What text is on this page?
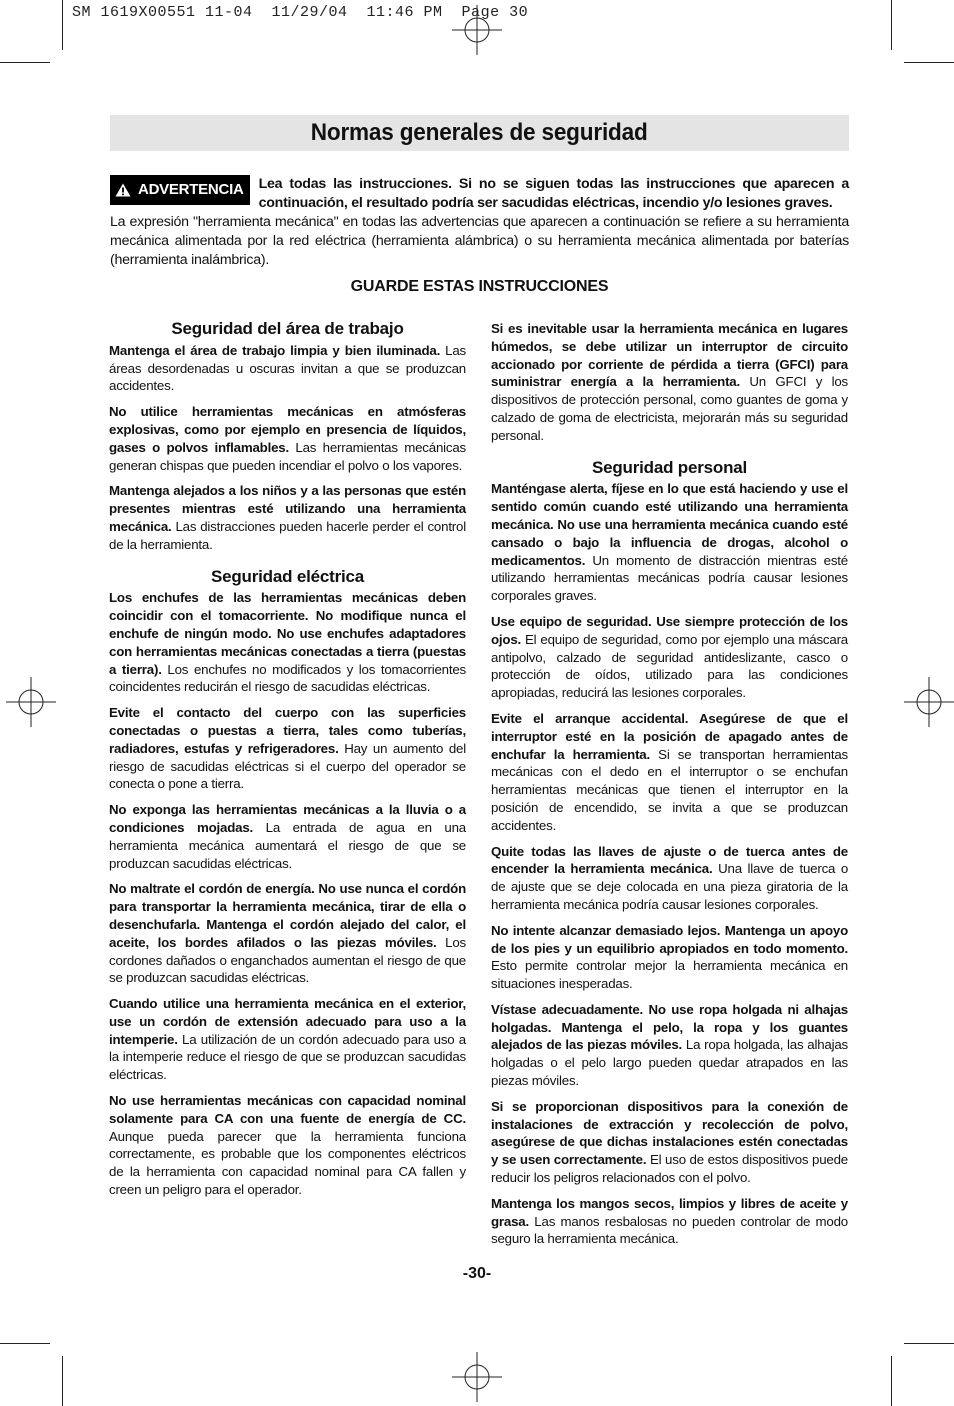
SM 1619X00551 11-04  11/29/04  11:46 PM  Page 30
Normas generales de seguridad
ADVERTENCIA	Lea todas las instrucciones. Si no se siguen todas las instrucciones que aparecen a continuación, el resultado podría ser sacudidas eléctricas, incendio y/o lesiones graves.

La expresión "herramienta mecánica" en todas las advertencias que aparecen a continuación se refiere a su herramienta mecánica alimentada por la red eléctrica (herramienta alámbrica) o su herramienta mecánica alimentada por baterías (herramienta inalámbrica).

GUARDE ESTAS INSTRUCCIONES
Seguridad del área de trabajo

Mantenga el área de trabajo limpia y bien iluminada. Las áreas desordenadas u oscuras invitan a que se produzcan accidentes.

No utilice herramientas mecánicas en atmósferas explosivas, como por ejemplo en presencia de líquidos, gases o polvos inflamables. Las herramientas mecánicas generan chispas que pueden incendiar el polvo o los vapores.

Mantenga alejados a los niños y a las personas que estén presentes mientras esté utilizando una herramienta mecánica. Las distracciones pueden hacerle perder el control de la herramienta.

Seguridad eléctrica

Los enchufes de las herramientas mecánicas deben coincidir con el tomacorriente. No modifique nunca el enchufe de ningún modo. No use enchufes adaptadores con herramientas mecánicas conectadas a tierra (puestas a tierra). Los enchufes no modificados y los tomacorrientes coincidentes reducirán el riesgo de sacudidas eléctricas.

Evite el contacto del cuerpo con las superficies conectadas o puestas a tierra, tales como tuberías, radiadores, estufas y refrigeradores. Hay un aumento del riesgo de sacudidas eléctricas si el cuerpo del operador se conecta o pone a tierra.

No exponga las herramientas mecánicas a la lluvia o a condiciones mojadas. La entrada de agua en una herramienta mecánica aumentará el riesgo de que se produzcan sacudidas eléctricas.

No maltrate el cordón de energía. No use nunca el cordón para transportar la herramienta mecánica, tirar de ella o desenchufarla. Mantenga el cordón alejado del calor, el aceite, los bordes afilados o las piezas móviles. Los cordones dañados o enganchados aumentan el riesgo de que se produzcan sacudidas eléctricas.

Cuando utilice una herramienta mecánica en el exterior, use un cordón de extensión adecuado para uso a la intemperie. La utilización de un cordón adecuado para uso a la intemperie reduce el riesgo de que se produzcan sacudidas eléctricas.

No use herramientas mecánicas con capacidad nominal solamente para CA con una fuente de energía de CC. Aunque pueda parecer que la herramienta funciona correctamente, es probable que los componentes eléctricos de la herramienta con capacidad nominal para CA fallen y creen un peligro para el operador.

Si es inevitable usar la herramienta mecánica en lugares húmedos, se debe utilizar un interruptor de circuito accionado por corriente de pérdida a tierra (GFCI) para suministrar energía a la herramienta. Un GFCI y los dispositivos de protección personal, como guantes de goma y calzado de goma de electricista, mejorarán más su seguridad personal.

Seguridad personal

Manténgase alerta, fíjese en lo que está haciendo y use el sentido común cuando esté utilizando una herramienta mecánica. No use una herramienta mecánica cuando esté cansado o bajo la influencia de drogas, alcohol o medicamentos. Un momento de distracción mientras esté utilizando herramientas mecánicas podría causar lesiones corporales graves.

Use equipo de seguridad. Use siempre protección de los ojos. El equipo de seguridad, como por ejemplo una máscara antipolvo, calzado de seguridad antideslizante, casco o protección de oídos, utilizado para las condiciones apropiadas, reducirá las lesiones corporales.

Evite el arranque accidental. Asegúrese de que el interruptor esté en la posición de apagado antes de enchufar la herramienta. Si se transportan herramientas mecánicas con el dedo en el interruptor o se enchufan herramientas mecánicas que tienen el interruptor en la posición de encendido, se invita a que se produzcan accidentes.

Quite todas las llaves de ajuste o de tuerca antes de encender la herramienta mecánica. Una llave de tuerca o de ajuste que se deje colocada en una pieza giratoria de la herramienta mecánica podría causar lesiones corporales.

No intente alcanzar demasiado lejos. Mantenga un apoyo de los pies y un equilibrio apropiados en todo momento. Esto permite controlar mejor la herramienta mecánica en situaciones inesperadas.

Vístase adecuadamente. No use ropa holgada ni alhajas holgadas. Mantenga el pelo, la ropa y los guantes alejados de las piezas móviles. La ropa holgada, las alhajas holgadas o el pelo largo pueden quedar atrapados en las piezas móviles.

Si se proporcionan dispositivos para la conexión de instalaciones de extracción y recolección de polvo, asegúrese de que dichas instalaciones estén conectadas y se usen correctamente. El uso de estos dispositivos puede reducir los peligros relacionados con el polvo.

Mantenga los mangos secos, limpios y libres de aceite y grasa. Las manos resbalosas no pueden controlar de modo seguro la herramienta mecánica.

-30-
